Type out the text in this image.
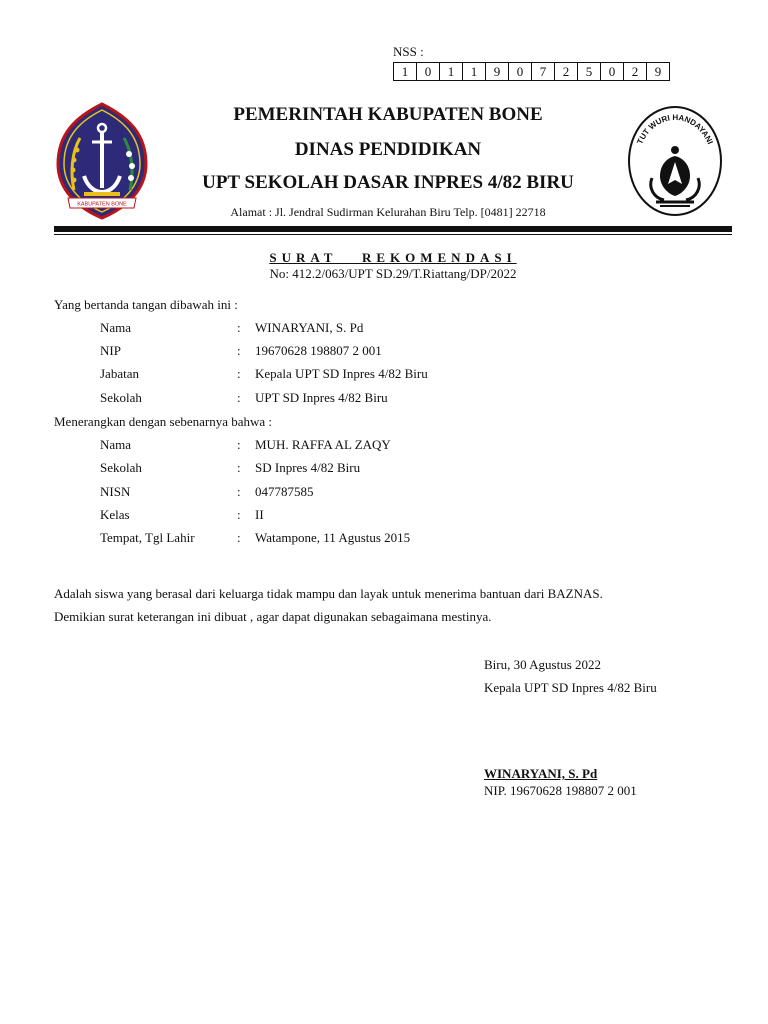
NSS :
1	0	1	1	9	0	7	2	5	0	2	9
KABUPATEN BONE
TUT WURI HANDAYANI
PEMERINTAH KABUPATEN BONE
DINAS PENDIDIKAN
UPT SEKOLAH DASAR INPRES 4/82 BIRU
Alamat : Jl. Jendral Sudirman Kelurahan Biru Telp. [0481] 22718
SURAT   REKOMENDASI
No: 412.2/063/UPT SD.29/T.Riattang/DP/2022
Yang bertanda tangan dibawah ini :
Nama	: WINARYANI, S. Pd
NIP	: 19670628 198807 2 001
Jabatan	: Kepala UPT SD Inpres 4/82 Biru
Sekolah	: UPT SD Inpres 4/82 Biru
Menerangkan dengan sebenarnya bahwa :
Nama	: MUH. RAFFA AL ZAQY
Sekolah	: SD Inpres 4/82 Biru
NISN	: 047787585
Kelas	: II
Tempat, Tgl Lahir	: Watampone, 11 Agustus 2015
Adalah siswa yang berasal dari keluarga tidak mampu dan layak untuk menerima bantuan dari BAZNAS.
Demikian surat keterangan ini dibuat , agar dapat digunakan sebagaimana mestinya.
Biru, 30 Agustus 2022
Kepala UPT SD Inpres 4/82 Biru
WINARYANI, S. Pd
NIP. 19670628 198807 2 001
